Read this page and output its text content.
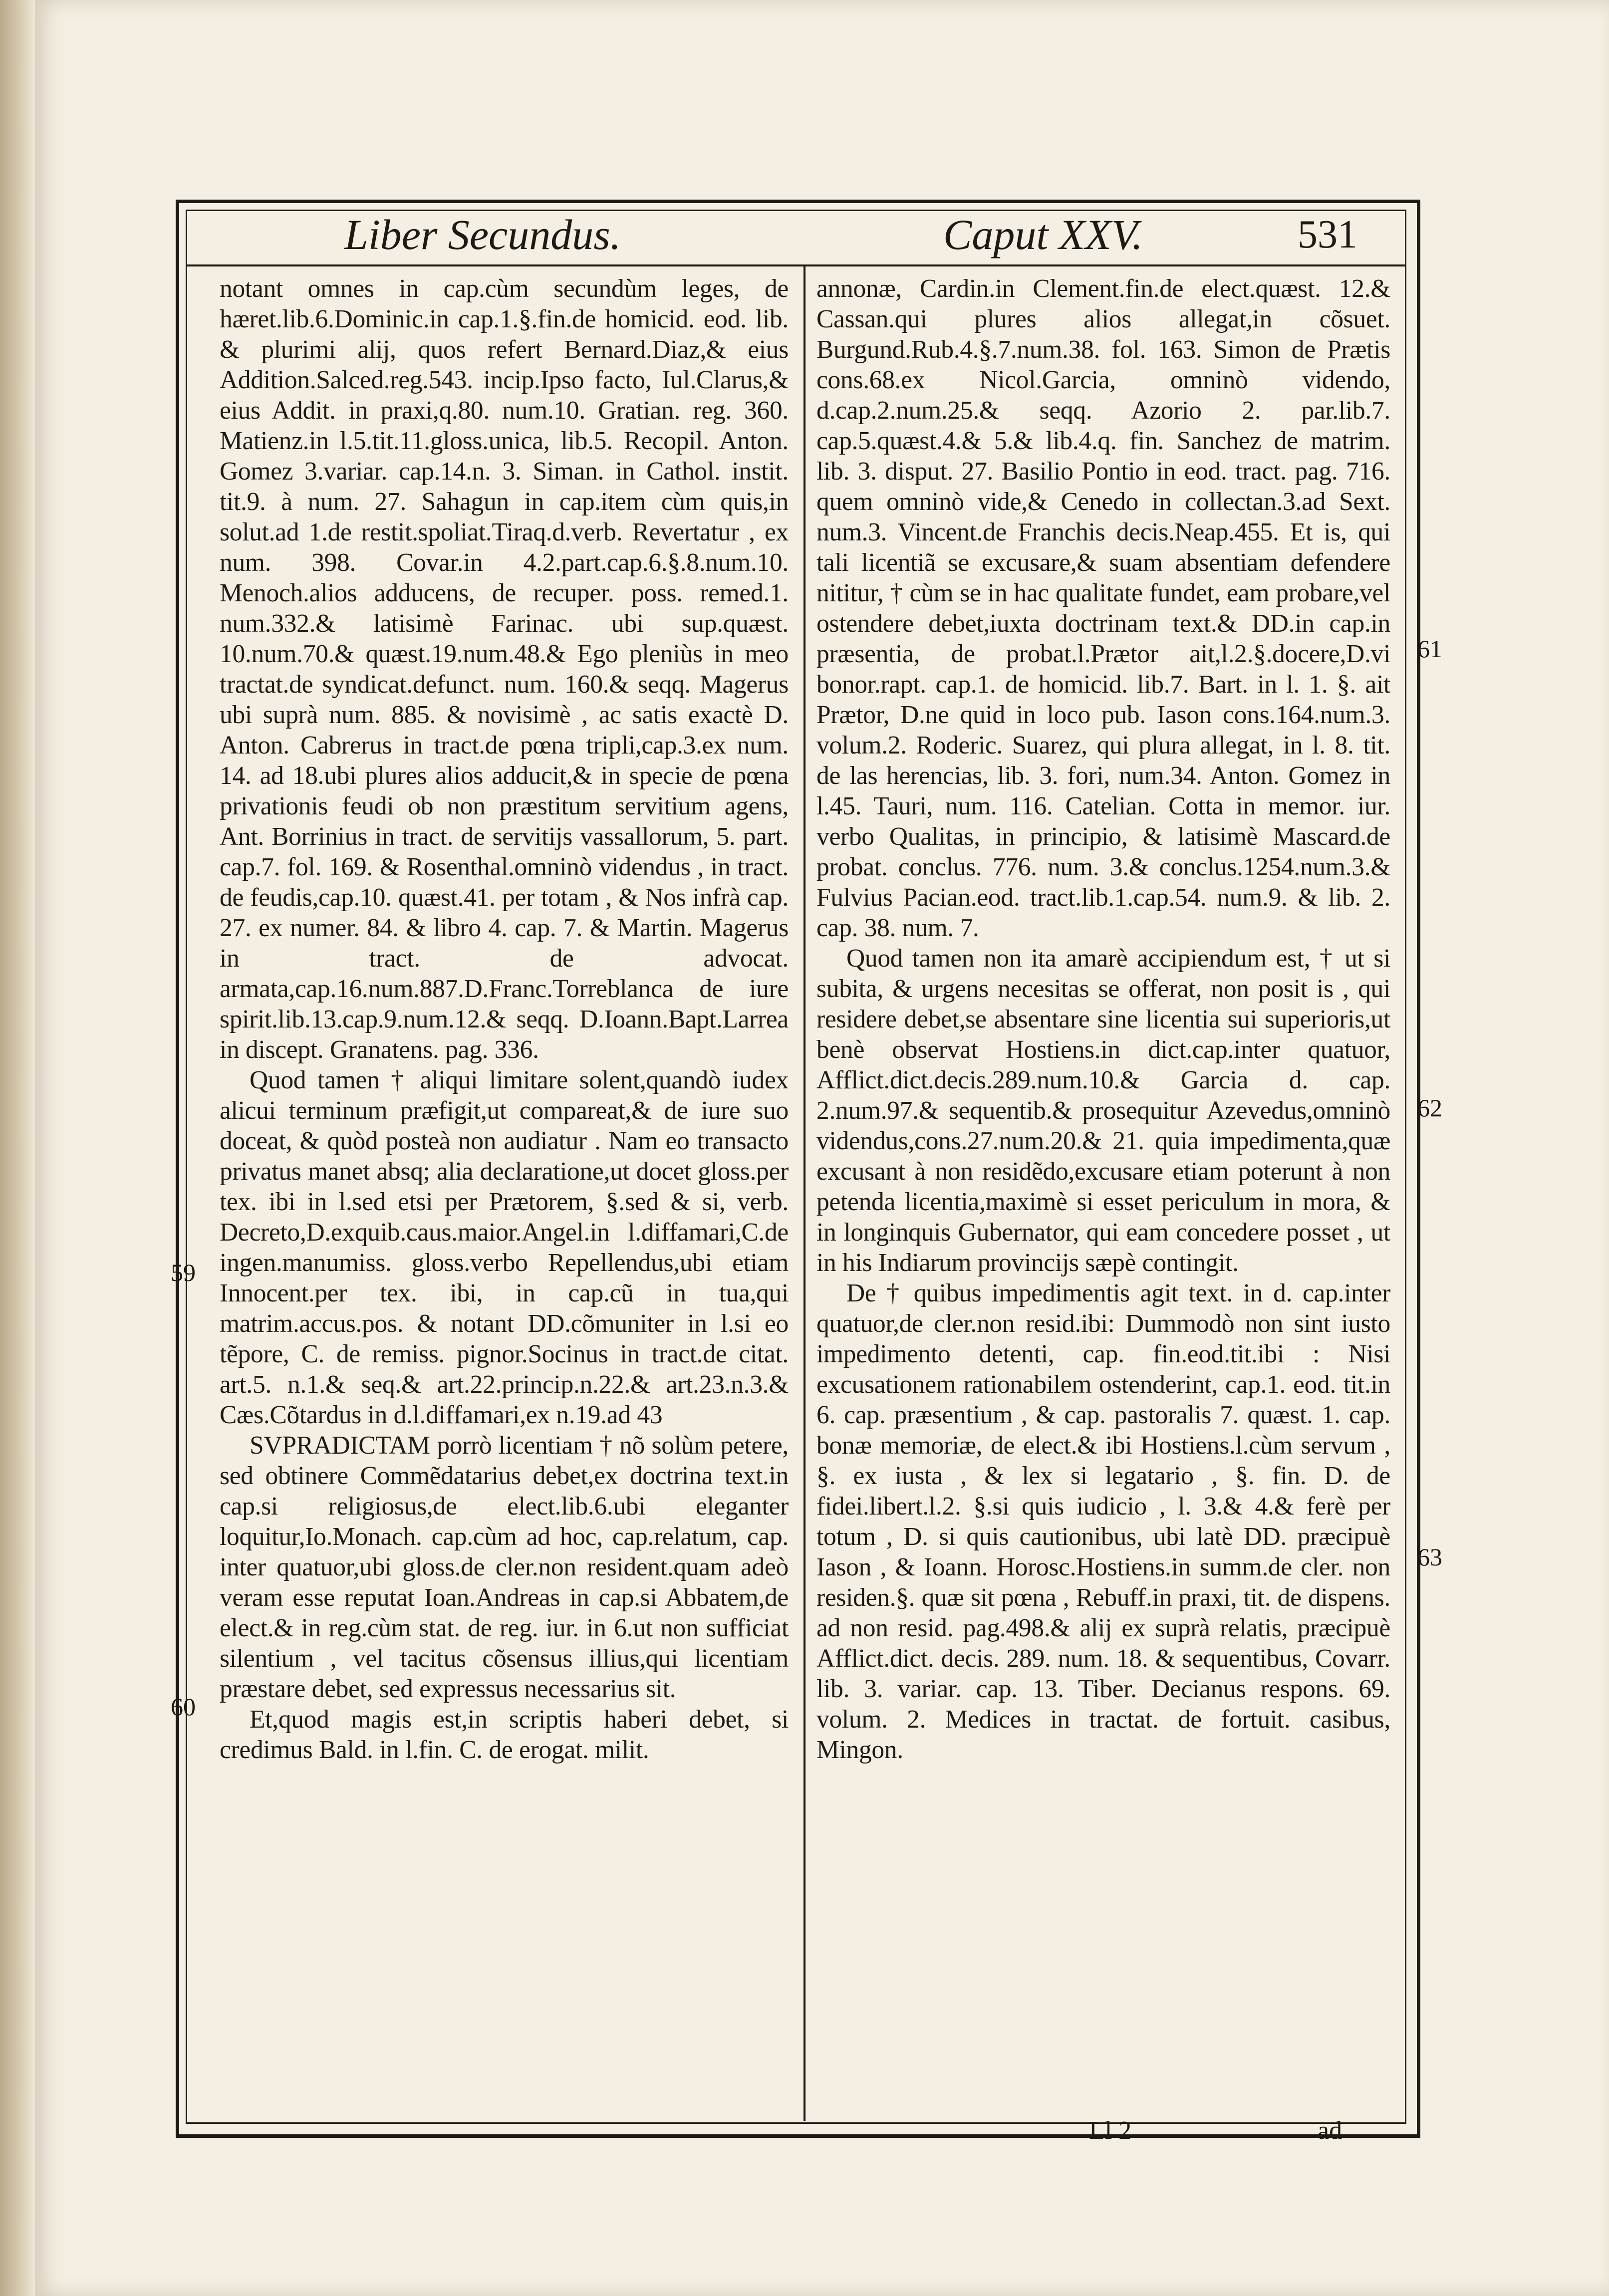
Liber Secundus.	Caput XXV.	531

notant omnes in cap.cùm secundùm leges, de hæret.lib.6.Dominic.in cap.1.§.fin.de homicid. eod. lib. & plurimi alij, quos refert Bernard.Diaz,& eius Addition.Salced.reg.543. incip.Ipso facto, Iul.Clarus,& eius Addit. in praxi,q.80. num.10. Gratian. reg. 360. Matienz.in l.5.tit.11.gloss.unica, lib.5. Recopil. Anton. Gomez 3.variar. cap.14.n. 3. Siman. in Cathol. instit. tit.9. à num. 27. Sahagun in cap.item cùm quis,in solut.ad 1.de restit.spoliat.Tiraq.d.verb. Revertatur , ex num. 398. Covar.in 4.2.part.cap.6.§.8.num.10. Menoch.alios adducens, de recuper. poss. remed.1. num.332.& latisimè Farinac. ubi sup.quæst. 10.num.70.& quæst.19.num.48.& Ego pleniùs in meo tractat.de syndicat.defunct. num. 160.& seqq. Magerus ubi suprà num. 885. & novisimè , ac satis exactè D. Anton. Cabrerus in tract.de pœna tripli,cap.3.ex num. 14. ad 18.ubi plures alios adducit,& in specie de pœna privationis feudi ob non præstitum servitium agens, Ant. Borrinius in tract. de servitijs vassallorum, 5. part. cap.7. fol. 169. & Rosenthal.omninò videndus , in tract. de feudis,cap.10. quæst.41. per totam , & Nos infrà cap. 27. ex numer. 84. & libro 4. cap. 7. & Martin. Magerus in tract. de advocat. armata,cap.16.num.887.D.Franc.Torreblanca de iure spirit.lib.13.cap.9.num.12.& seqq. D.Ioann.Bapt.Larrea in discept. Granatens. pag. 336.

Quod tamen † aliqui limitare solent,quandò iudex alicui terminum præfigit,ut compareat,& de iure suo doceat, & quòd posteà non audiatur . Nam eo transacto privatus manet absq; alia declaratione,ut docet gloss.per tex. ibi in l.sed etsi per Prætorem, §.sed & si, verb. Decreto,D.exquib.caus.maior.Angel.in l.diffamari,C.de ingen.manumiss. gloss.verbo Repellendus,ubi etiam Innocent.per tex. ibi, in cap.cũ in tua,qui matrim.accus.pos. & notant DD.cõmuniter in l.si eo tẽpore, C. de remiss. pignor.Socinus in tract.de citat. art.5. n.1.& seq.& art.22.princip.n.22.& art.23.n.3.& Cæs.Cõtardus in d.l.diffamari,ex n.19.ad 43

SVPRADICTAM porrò licentiam † nõ solùm petere, sed obtinere Commẽdatarius debet,ex doctrina text.in cap.si religiosus,de elect.lib.6.ubi eleganter loquitur,Io.Monach. cap.cùm ad hoc, cap.relatum, cap. inter quatuor,ubi gloss.de cler.non resident.quam adeò veram esse reputat Ioan.Andreas in cap.si Abbatem,de elect.& in reg.cùm stat. de reg. iur. in 6.ut non sufficiat silentium , vel tacitus cõsensus illius,qui licentiam præstare debet, sed expressus necessarius sit.

Et,quod magis est,in scriptis haberi debet, si credimus Bald. in l.fin. C. de erogat. milit.

annonæ, Cardin.in Clement.fin.de elect.quæst. 12.& Cassan.qui plures alios allegat,in cõsuet. Burgund.Rub.4.§.7.num.38. fol. 163. Simon de Prætis cons.68.ex Nicol.Garcia, omninò videndo, d.cap.2.num.25.& seqq. Azorio 2. par.lib.7. cap.5.quæst.4.& 5.& lib.4.q. fin. Sanchez de matrim. lib. 3. disput. 27. Basilio Pontio in eod. tract. pag. 716. quem omninò vide,& Cenedo in collectan.3.ad Sext. num.3. Vincent.de Franchis decis.Neap.455. Et is, qui tali licentiã se excusare,& suam absentiam defendere nititur, † cùm se in hac qualitate fundet, eam probare,vel ostendere debet,iuxta doctrinam text.& DD.in cap.in præsentia, de probat.l.Prætor ait,l.2.§.docere,D.vi bonor.rapt. cap.1. de homicid. lib.7. Bart. in l. 1. §. ait Prætor, D.ne quid in loco pub. Iason cons.164.num.3. volum.2. Roderic. Suarez, qui plura allegat, in l. 8. tit. de las herencias, lib. 3. fori, num.34. Anton. Gomez in l.45. Tauri, num. 116. Catelian. Cotta in memor. iur. verbo Qualitas, in principio, & latisimè Mascard.de probat. conclus. 776. num. 3.& conclus.1254.num.3.& Fulvius Pacian.eod. tract.lib.1.cap.54. num.9. & lib. 2. cap. 38. num. 7.

Quod tamen non ita amarè accipiendum est, † ut si subita, & urgens necesitas se offerat, non posit is , qui residere debet,se absentare sine licentia sui superioris,ut benè observat Hostiens.in dict.cap.inter quatuor, Afflict.dict.decis.289.num.10.& Garcia d. cap. 2.num.97.& sequentib.& prosequitur Azevedus,omninò videndus,cons.27.num.20.& 21. quia impedimenta,quæ excusant à non residẽdo,excusare etiam poterunt à non petenda licentia,maximè si esset periculum in mora, & in longinquis Gubernator, qui eam concedere posset , ut in his Indiarum provincijs sæpè contingit.

De † quibus impedimentis agit text. in d. cap.inter quatuor,de cler.non resid.ibi: Dummodò non sint iusto impedimento detenti, cap. fin.eod.tit.ibi : Nisi excusationem rationabilem ostenderint, cap.1. eod. tit.in 6. cap. præsentium , & cap. pastoralis 7. quæst. 1. cap. bonæ memoriæ, de elect.& ibi Hostiens.l.cùm servum , §. ex iusta , & lex si legatario , §. fin. D. de fidei.libert.l.2. §.si quis iudicio , l. 3.& 4.& ferè per totum , D. si quis cautionibus, ubi latè DD. præcipuè Iason , & Ioann. Horosc.Hostiens.in summ.de cler. non residen.§. quæ sit pœna , Rebuff.in praxi, tit. de dispens. ad non resid. pag.498.& alij ex suprà relatis, præcipuè Afflict.dict. decis. 289. num. 18. & sequentibus, Covarr. lib. 3. variar. cap. 13. Tiber. Decianus respons. 69. volum. 2. Medices in tractat. de fortuit. casibus, Mingon.

59
60
61
62
63
Ll 2	ad
